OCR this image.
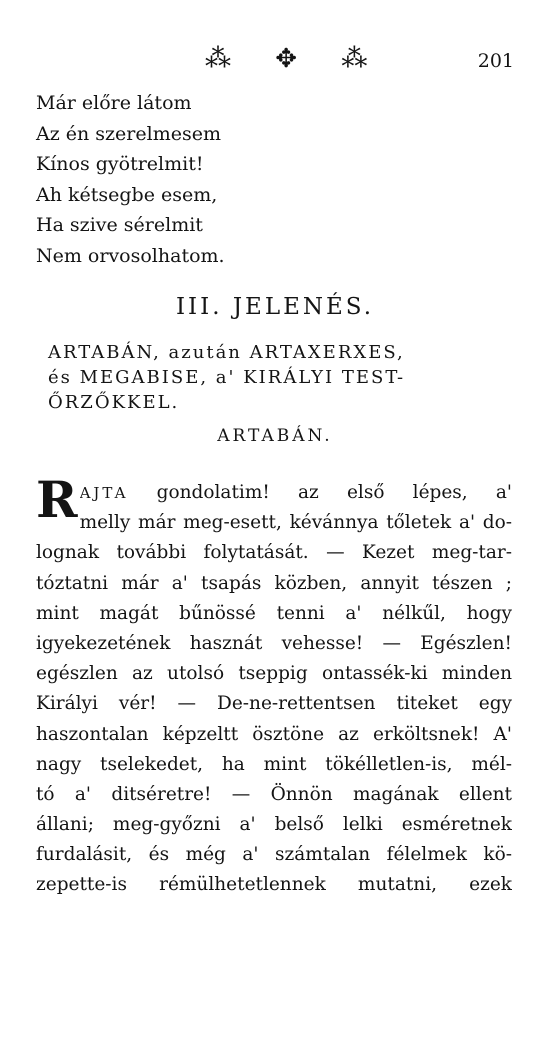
⁂ ✥ ⁂	201
Már előre látom
Az én szerelmesem
Kínos gyötrelmit!
Ah kétsegbe esem,
Ha szive sérelmit
Nem orvosolhatom.
III. JELENÉS.
ARTABÁN, azután ARTAXERXES,
és MEGABISE, a' KIRÁLYI TEST-
ŐRZŐKKEL.
ARTABÁN.
R AJTA gondolatim! az első lépes, a'
melly már meg-esett, kévánnya tőletek a' do-
lognak további folytatását. — Kezet meg-tar-
tóztatni már a' tsapás közben, annyit tészen ;
mint magát bűnössé tenni a' nélkűl, hogy
igyekezetének hasznát vehesse! — Egészlen!
egészlen az utolsó tseppig ontassék-ki minden
Királyi vér! — De-ne-rettentsen titeket egy
haszontalan képzeltt ösztöne az erköltsnek! A'
nagy tselekedet, ha mint tökélletlen-is, mél-
tó a' ditséretre! — Önnön magának ellent
állani; meg-győzni a' belső lelki esméretnek
furdalásit, és még a' számtalan félelmek kö-
zepette-is rémülhetetlennek mutatni, ezek
